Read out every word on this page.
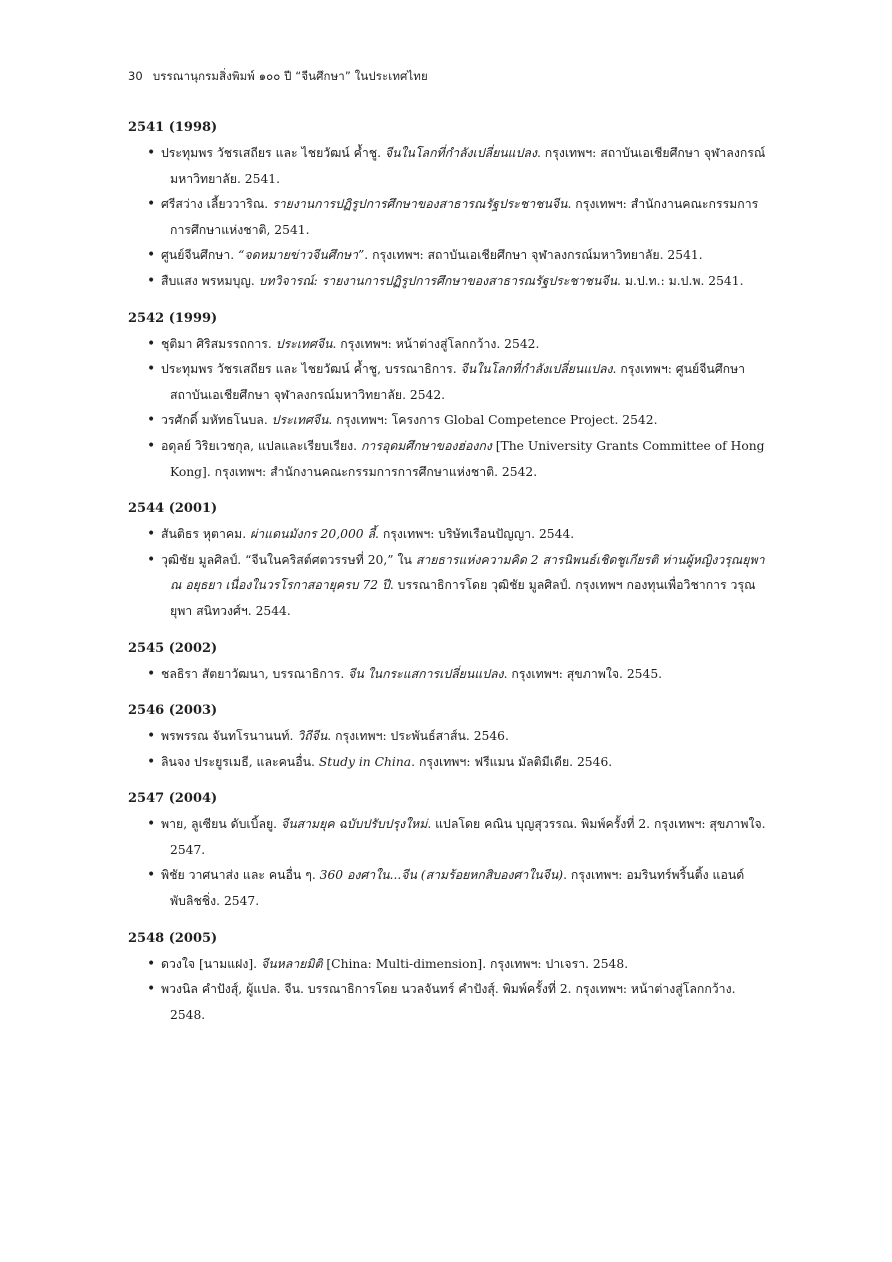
30 บรรณานุกรมสิ่งพิมพ์ ๑๐๐ ปี “จีนศึกษา” ในประเทศไทย
2541 (1998)
• ประทุมพร วัชรเสถียร และ ไชยวัฒน์ ค้ำชู. จีนในโลกที่กำลังเปลี่ยนแปลง. กรุงเทพฯ: สถาบันเอเชียศึกษา จุฬาลงกรณ์มหาวิทยาลัย. 2541.
• ศรีสว่าง เลี้ยววาริณ. รายงานการปฏิรูปการศึกษาของสาธารณรัฐประชาชนจีน. กรุงเทพฯ: สำนักงานคณะกรรมการการศึกษาแห่งชาติ, 2541.
• ศูนย์จีนศึกษา. “จดหมายข่าวจีนศึกษา”. กรุงเทพฯ: สถาบันเอเชียศึกษา จุฬาลงกรณ์มหาวิทยาลัย. 2541.
• สืบแสง พรหมบุญ. บทวิจารณ์: รายงานการปฏิรูปการศึกษาของสาธารณรัฐประชาชนจีน. ม.ป.ท.: ม.ป.พ. 2541.
2542 (1999)
• ชุติมา ศิริสมรรถการ. ประเทศจีน. กรุงเทพฯ: หน้าต่างสู่โลกกว้าง. 2542.
• ประทุมพร วัชรเสถียร และ ไชยวัฒน์ ค้ำชู, บรรณาธิการ. จีนในโลกที่กำลังเปลี่ยนแปลง. กรุงเทพฯ: ศูนย์จีนศึกษา สถาบันเอเชียศึกษา จุฬาลงกรณ์มหาวิทยาลัย. 2542.
• วรศักดิ์ มหัทธโนบล. ประเทศจีน. กรุงเทพฯ: โครงการ Global Competence Project. 2542.
• อดุลย์ วิริยเวชกุล, แปลและเรียบเรียง. การอุดมศึกษาของฮ่องกง [The University Grants Committee of Hong Kong]. กรุงเทพฯ: สำนักงานคณะกรรมการการศึกษาแห่งชาติ. 2542.
2544 (2001)
• สันติธร หุตาคม. ผ่าแดนมังกร 20,000 ลี้. กรุงเทพฯ: บริษัทเรือนปัญญา. 2544.
• วุฒิชัย มูลศิลป์. “จีนในคริสต์ศตวรรษที่ 20,” ใน สายธารแห่งความคิด 2 สารนิพนธ์เชิดชูเกียรติ ท่านผู้หญิงวรุณยุพา ณ อยุธยา เนื่องในวรโรกาสอายุครบ 72 ปี. บรรณาธิการโดย วุฒิชัย มูลศิลป์. กรุงเทพฯ กองทุนเพื่อวิชาการ วรุณยุพา สนิทวงศ์ฯ. 2544.
2545 (2002)
• ชลธิรา สัตยาวัฒนา, บรรณาธิการ. จีน ในกระแสการเปลี่ยนแปลง. กรุงเทพฯ: สุขภาพใจ. 2545.
2546 (2003)
• พรพรรณ จันทโรนานนท์. วิถีจีน. กรุงเทพฯ: ประพันธ์สาส์น. 2546.
• ลินจง ประยูรเมธี, และคนอื่น. Study in China. กรุงเทพฯ: ฟรีแมน มัลติมีเดีย. 2546.
2547 (2004)
• พาย, ลูเซียน ดับเบิ้ลยู. จีนสามยุค ฉบับปรับปรุงใหม่. แปลโดย คณิน บุญสุวรรณ. พิมพ์ครั้งที่ 2. กรุงเทพฯ: สุขภาพใจ. 2547.
• พิชัย วาศนาส่ง และ คนอื่น ๆ. 360 องศาใน...จีน (สามร้อยหกสิบองศาในจีน). กรุงเทพฯ: อมรินทร์พริ้นติ้ง แอนด์พับลิชชิ่ง. 2547.
2548 (2005)
• ดวงใจ [นามแฝง]. จีนหลายมิติ [China: Multi-dimension]. กรุงเทพฯ: ปาเจรา. 2548.
• พวงนิล คำปังสุ์, ผู้แปล. จีน. บรรณาธิการโดย นวลจันทร์ คำปังสุ์. พิมพ์ครั้งที่ 2. กรุงเทพฯ: หน้าต่างสู่โลกกว้าง. 2548.
